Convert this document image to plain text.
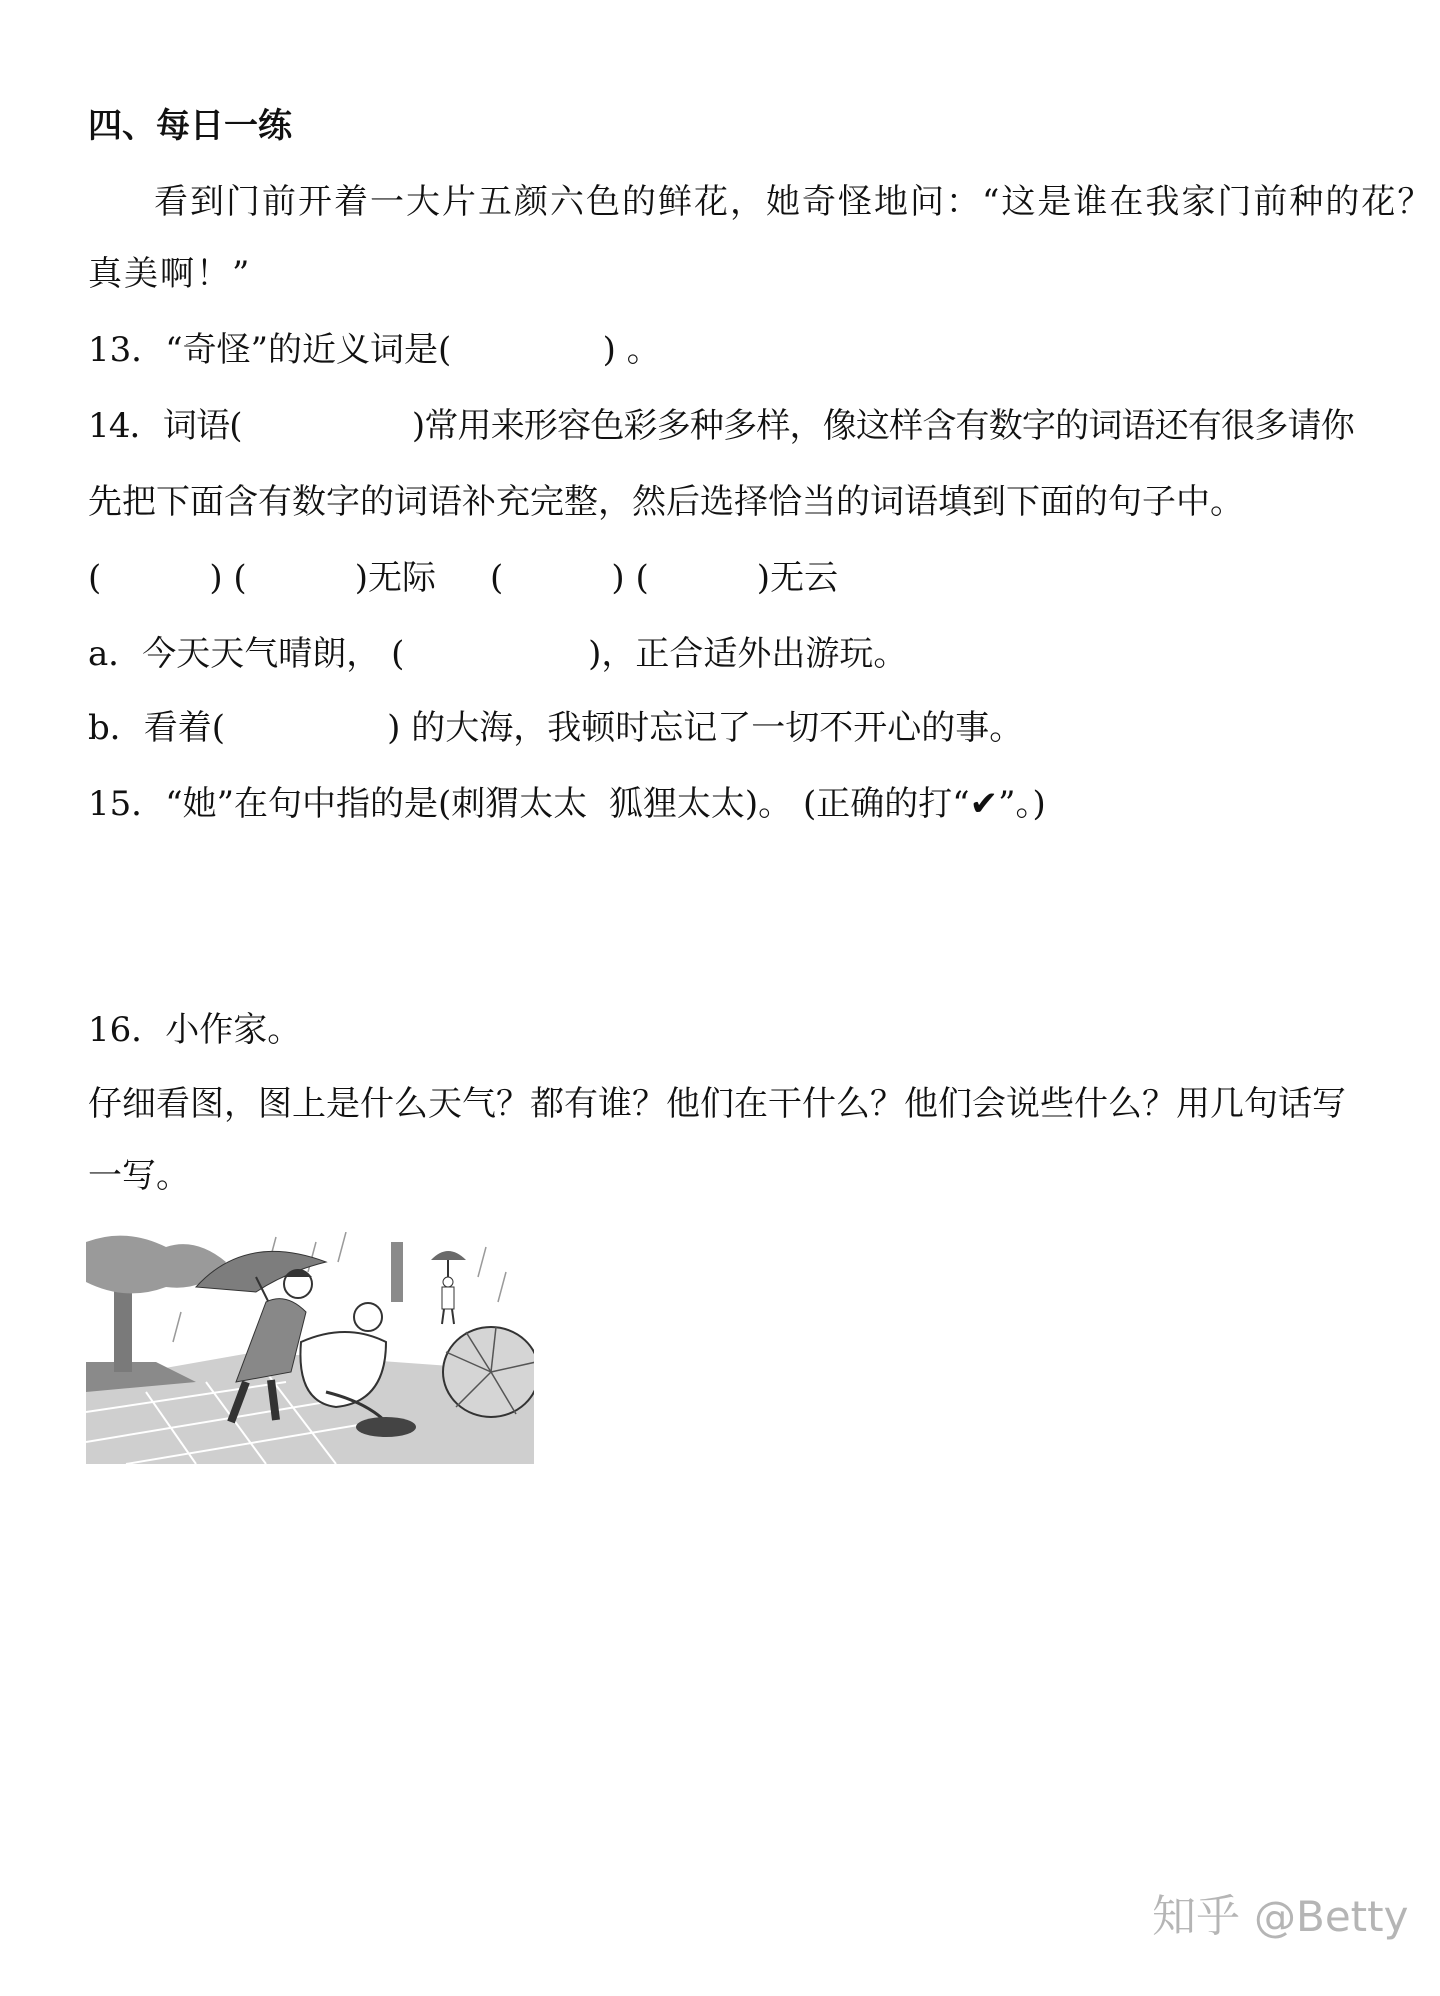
四、每日一练
看到门前开着一大片五颜六色的鲜花，她奇怪地问：“这是谁在我家门前种的花？
真美啊！”
13．“奇怪”的近义词是(              ) 。
14．词语(                 )常用来形容色彩多种多样，像这样含有数字的词语还有很多请你
先把下面含有数字的词语补充完整，然后选择恰当的词语填到下面的句子中。
(          ) (          )无际     (          ) (          )无云
a．今天天气晴朗， (                 )，正合适外出游玩。
b．看着(               ) 的大海，我顿时忘记了一切不开心的事。
15．“她”在句中指的是(刺猬太太  狐狸太太)。 (正确的打“✔”。)
16．小作家。
仔细看图，图上是什么天气？都有谁？他们在干什么？他们会说些什么？用几句话写
一写。
知乎 @Betty
